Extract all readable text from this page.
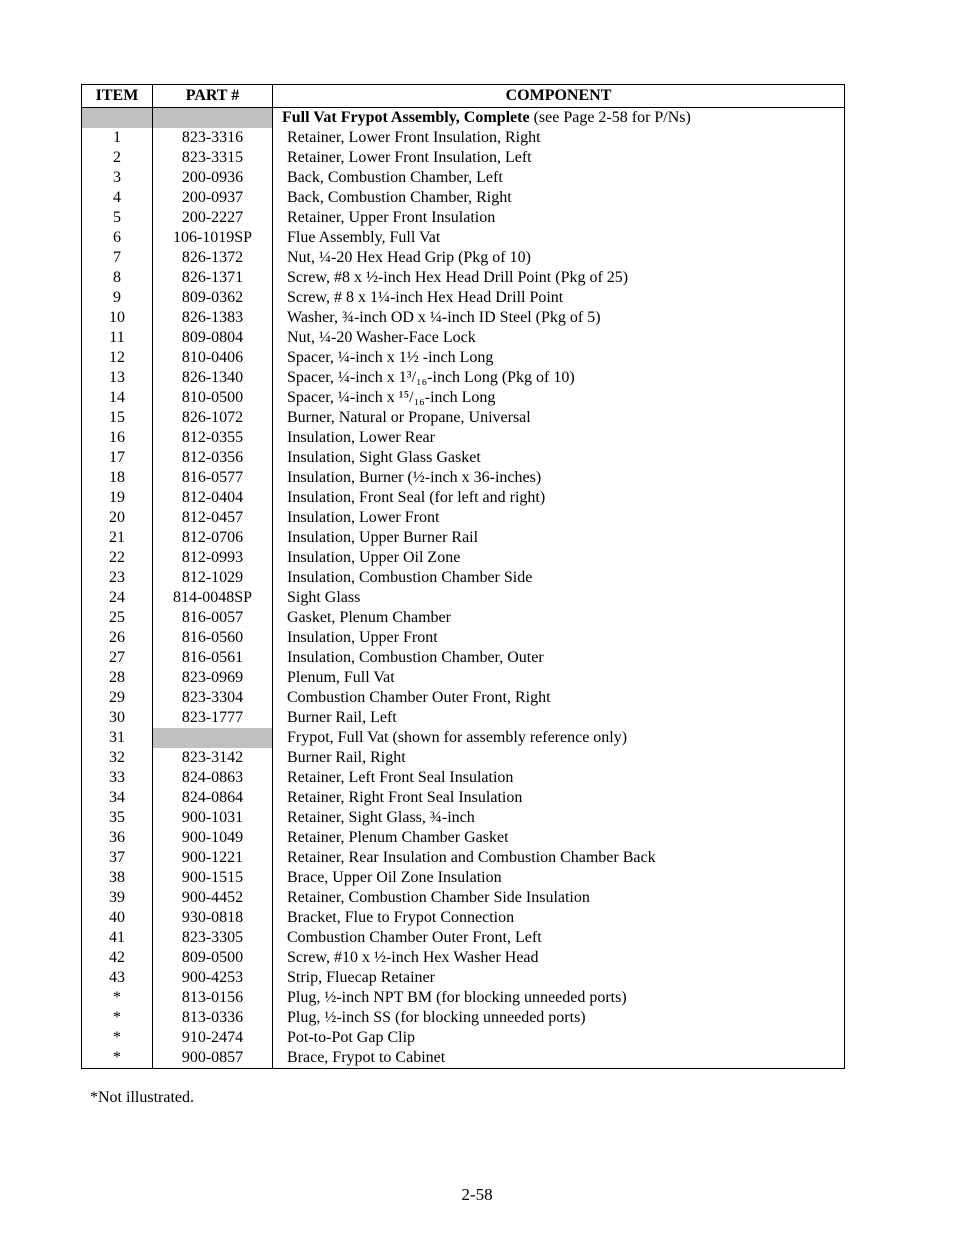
ITEM	PART #	COMPONENT
		Full Vat Frypot Assembly, Complete (see Page 2-58 for P/Ns)
1	823-3316	Retainer, Lower Front Insulation, Right
2	823-3315	Retainer, Lower Front Insulation, Left
3	200-0936	Back, Combustion Chamber, Left
4	200-0937	Back, Combustion Chamber, Right
5	200-2227	Retainer, Upper Front Insulation
6	106-1019SP	Flue Assembly, Full Vat
7	826-1372	Nut, ¼-20 Hex Head Grip (Pkg of 10)
8	826-1371	Screw, #8 x ½-inch Hex Head Drill Point (Pkg of 25)
9	809-0362	Screw, # 8 x 1¼-inch Hex Head Drill Point
10	826-1383	Washer, ¾-inch OD x ¼-inch ID Steel (Pkg of 5)
11	809-0804	Nut, ¼-20 Washer-Face Lock
12	810-0406	Spacer, ¼-inch x 1½ -inch Long
13	826-1340	Spacer, ¼-inch x 1³/₁₆-inch Long (Pkg of 10)
14	810-0500	Spacer, ¼-inch x ¹⁵/₁₆-inch Long
15	826-1072	Burner, Natural or Propane, Universal
16	812-0355	Insulation, Lower Rear
17	812-0356	Insulation, Sight Glass Gasket
18	816-0577	Insulation, Burner (½-inch x 36-inches)
19	812-0404	Insulation, Front Seal (for left and right)
20	812-0457	Insulation, Lower Front
21	812-0706	Insulation, Upper Burner Rail
22	812-0993	Insulation, Upper Oil Zone
23	812-1029	Insulation, Combustion Chamber Side
24	814-0048SP	Sight Glass
25	816-0057	Gasket, Plenum Chamber
26	816-0560	Insulation, Upper Front
27	816-0561	Insulation, Combustion Chamber, Outer
28	823-0969	Plenum, Full Vat
29	823-3304	Combustion Chamber Outer Front, Right
30	823-1777	Burner Rail, Left
31		Frypot, Full Vat (shown for assembly reference only)
32	823-3142	Burner Rail, Right
33	824-0863	Retainer, Left Front Seal Insulation
34	824-0864	Retainer, Right Front Seal Insulation
35	900-1031	Retainer, Sight Glass, ¾-inch
36	900-1049	Retainer, Plenum Chamber Gasket
37	900-1221	Retainer, Rear Insulation and Combustion Chamber Back
38	900-1515	Brace, Upper Oil Zone Insulation
39	900-4452	Retainer, Combustion Chamber Side Insulation
40	930-0818	Bracket, Flue to Frypot Connection
41	823-3305	Combustion Chamber Outer Front, Left
42	809-0500	Screw, #10 x ½-inch Hex Washer Head
43	900-4253	Strip, Fluecap Retainer
*	813-0156	Plug, ½-inch NPT BM (for blocking unneeded ports)
*	813-0336	Plug, ½-inch SS (for blocking unneeded ports)
*	910-2474	Pot-to-Pot Gap Clip
*	900-0857	Brace, Frypot to Cabinet
*Not illustrated.
2-58
